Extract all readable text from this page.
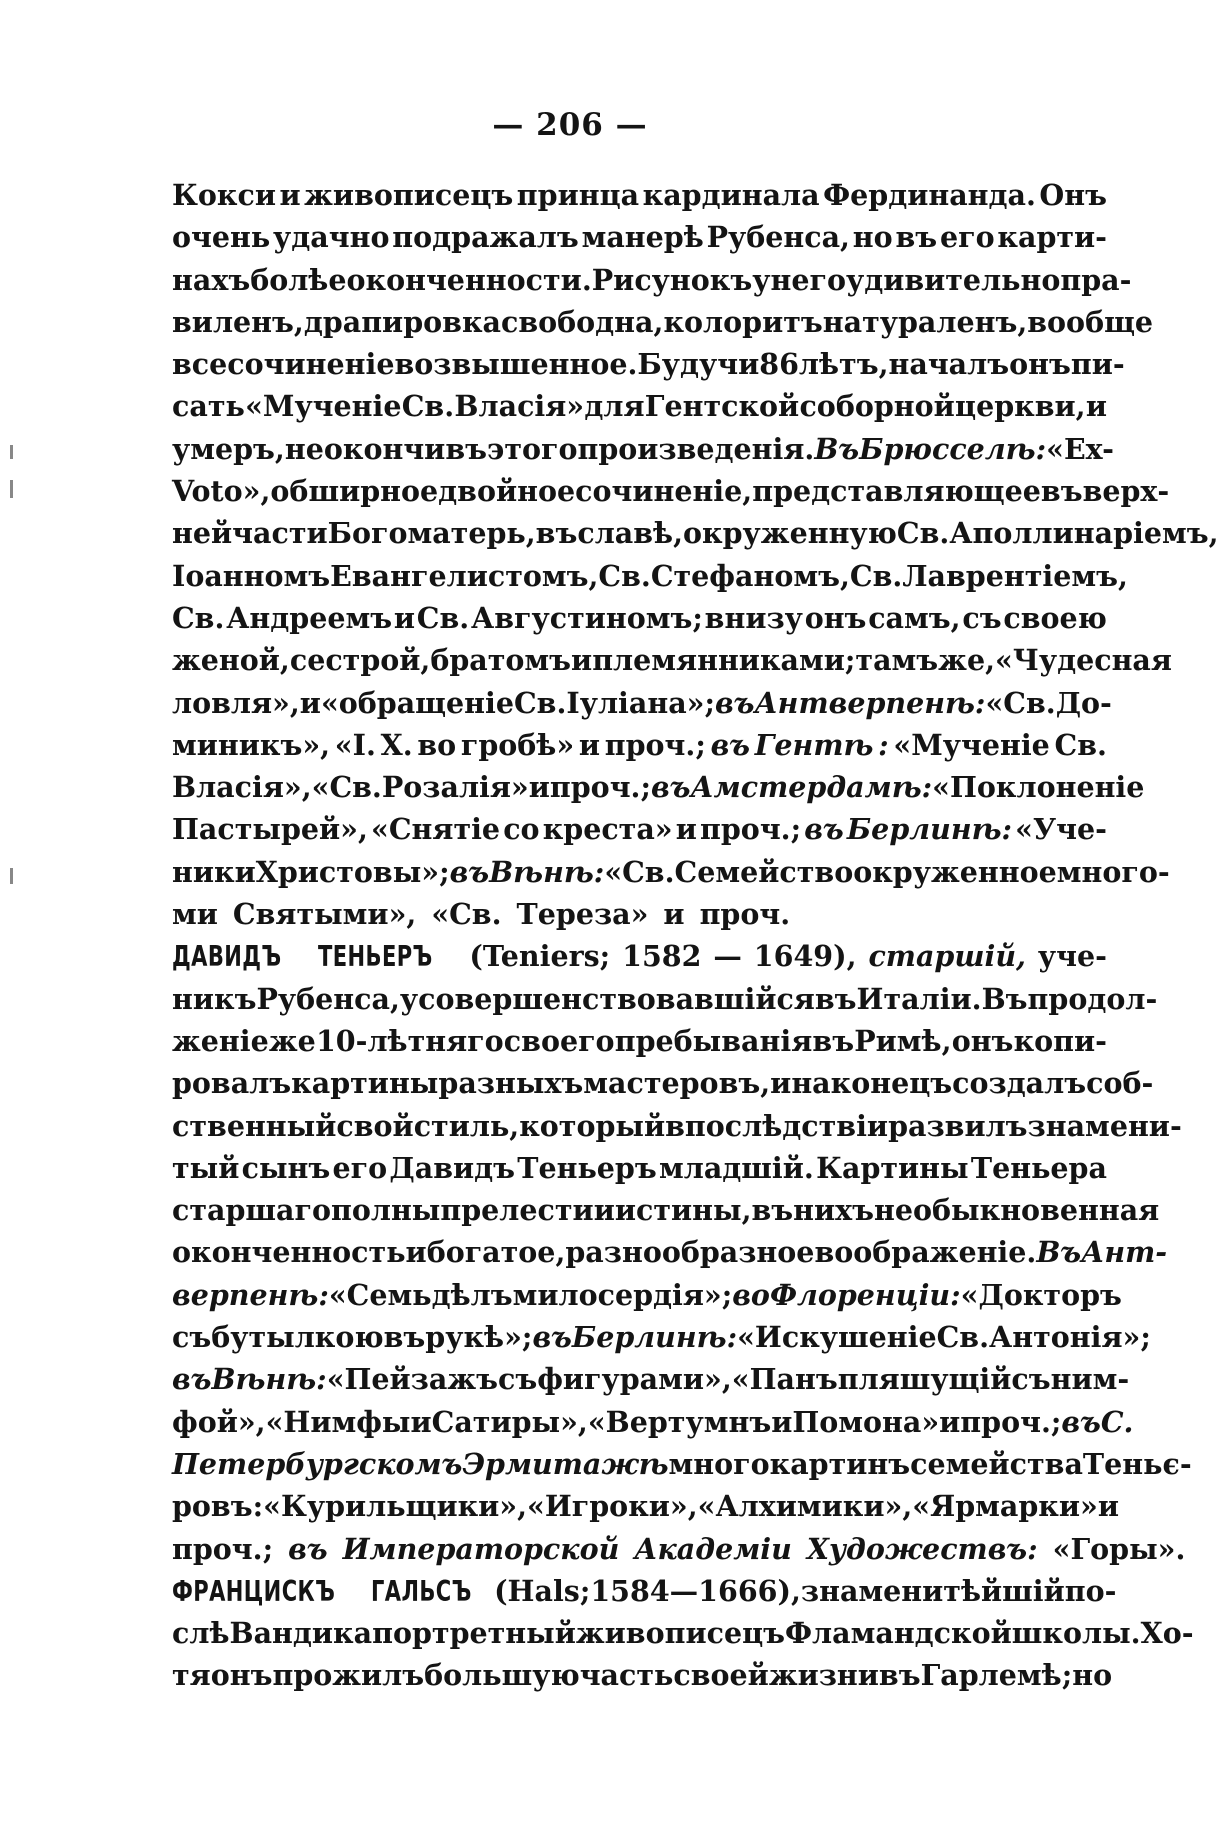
— 206 —
Кокси и живописецъ принца кардинала Фердинанда. Онъ
очень удачно подражалъ манерѣ Рубенса, но въ его карти-
нахъ болѣе оконченности. Рисунокъ у него удивительно пра-
виленъ, драпировка свободна , колоритъ натураленъ, вообще
все сочиненіе возвышенное. Будучи 86 лѣтъ, началъ онъ пи-
сать «Мученіе Св. Власія» для Гентской соборной церкви, и
умеръ, не окончивъ этого произведенія. Въ Брюсселѣ: «Ex-
Voto», обширное двойное сочиненіе, представляющее въ верх-
ней части Богоматерь, въ славѣ, окруженную Св. Аполлинаріемъ,
Іоанномъ Евангелистомъ, Св. Стефаномъ, Св. Лаврентіемъ,
Св. Андреемъ и Св. Августиномъ; внизу онъ самъ, съ своею
женой, сестрой, братомъ и племянниками; тамъ же, «Чудесная
ловля», и «обращеніе Св. Іуліана»; въ Антверпенѣ: «Св. До-
миникъ», «І. Х. во гробѣ» и проч.; въ Гентѣ : «Мученіе Св.
Власія», «Св. Розалія» и проч.; въ Амстердамѣ: «Поклоненіе
Пастырей», «Снятіе со креста» и проч.; въ Берлинѣ: «Уче-
ники Христовы»; въ Вѣнѣ: «Св. Семейство окруженное много-
ми Святыми», «Св. Тереза» и проч.
ДАВИДЪ	ТЕНЬЕРЪ	(Teniers; 1582 — 1649), старшій, уче-
никъ Рубенса, усовершенствовавшійся въ Италіи. Въ продол-
женіе же 10-лѣтняго своего пребыванія въ Римѣ, онъ копи-
ровалъ картины разныхъ мастеровъ, и наконецъ создалъ соб-
ственный свой стиль, который впослѣдствіи развилъ знамени-
тый сынъ его Давидъ Теньеръ младшій. Картины Теньера
старшаго полны прелести и истины, въ нихъ необыкновенная
оконченность и богатое, разнообразное воображеніе. Въ Ант-
верпенѣ: «Семь дѣлъ милосердія»; во Флоренціи: «Докторъ
съ бутылкою въ рукѣ»; въ Берлинѣ: «Искушеніе Св. Антонія»;
въ Вѣнѣ: «Пейзажъ съ фигурами», «Панъ пляшущій съ ним-
фой», «Нимфы и Сатиры», «Вертумнъ и Помона» и проч.; въ С.
Петербургскомъ Эрмитажѣ много картинъ семейства Теньє-
ровъ: «Курильщики», «Игроки», «Алхимики», «Ярмарки» и
проч.; въ Императорской Академіи Художествъ: «Горы».
ФРАНЦИСКЪ	ГАЛЬСЪ (Hals; 1584 — 1666), знаменитѣйшій по-
слѣ Вандика портретный живописецъ Фламандской школы. Хо-
тя онъ прожилъ большую часть своей жизни въ Гарлемѣ; но
